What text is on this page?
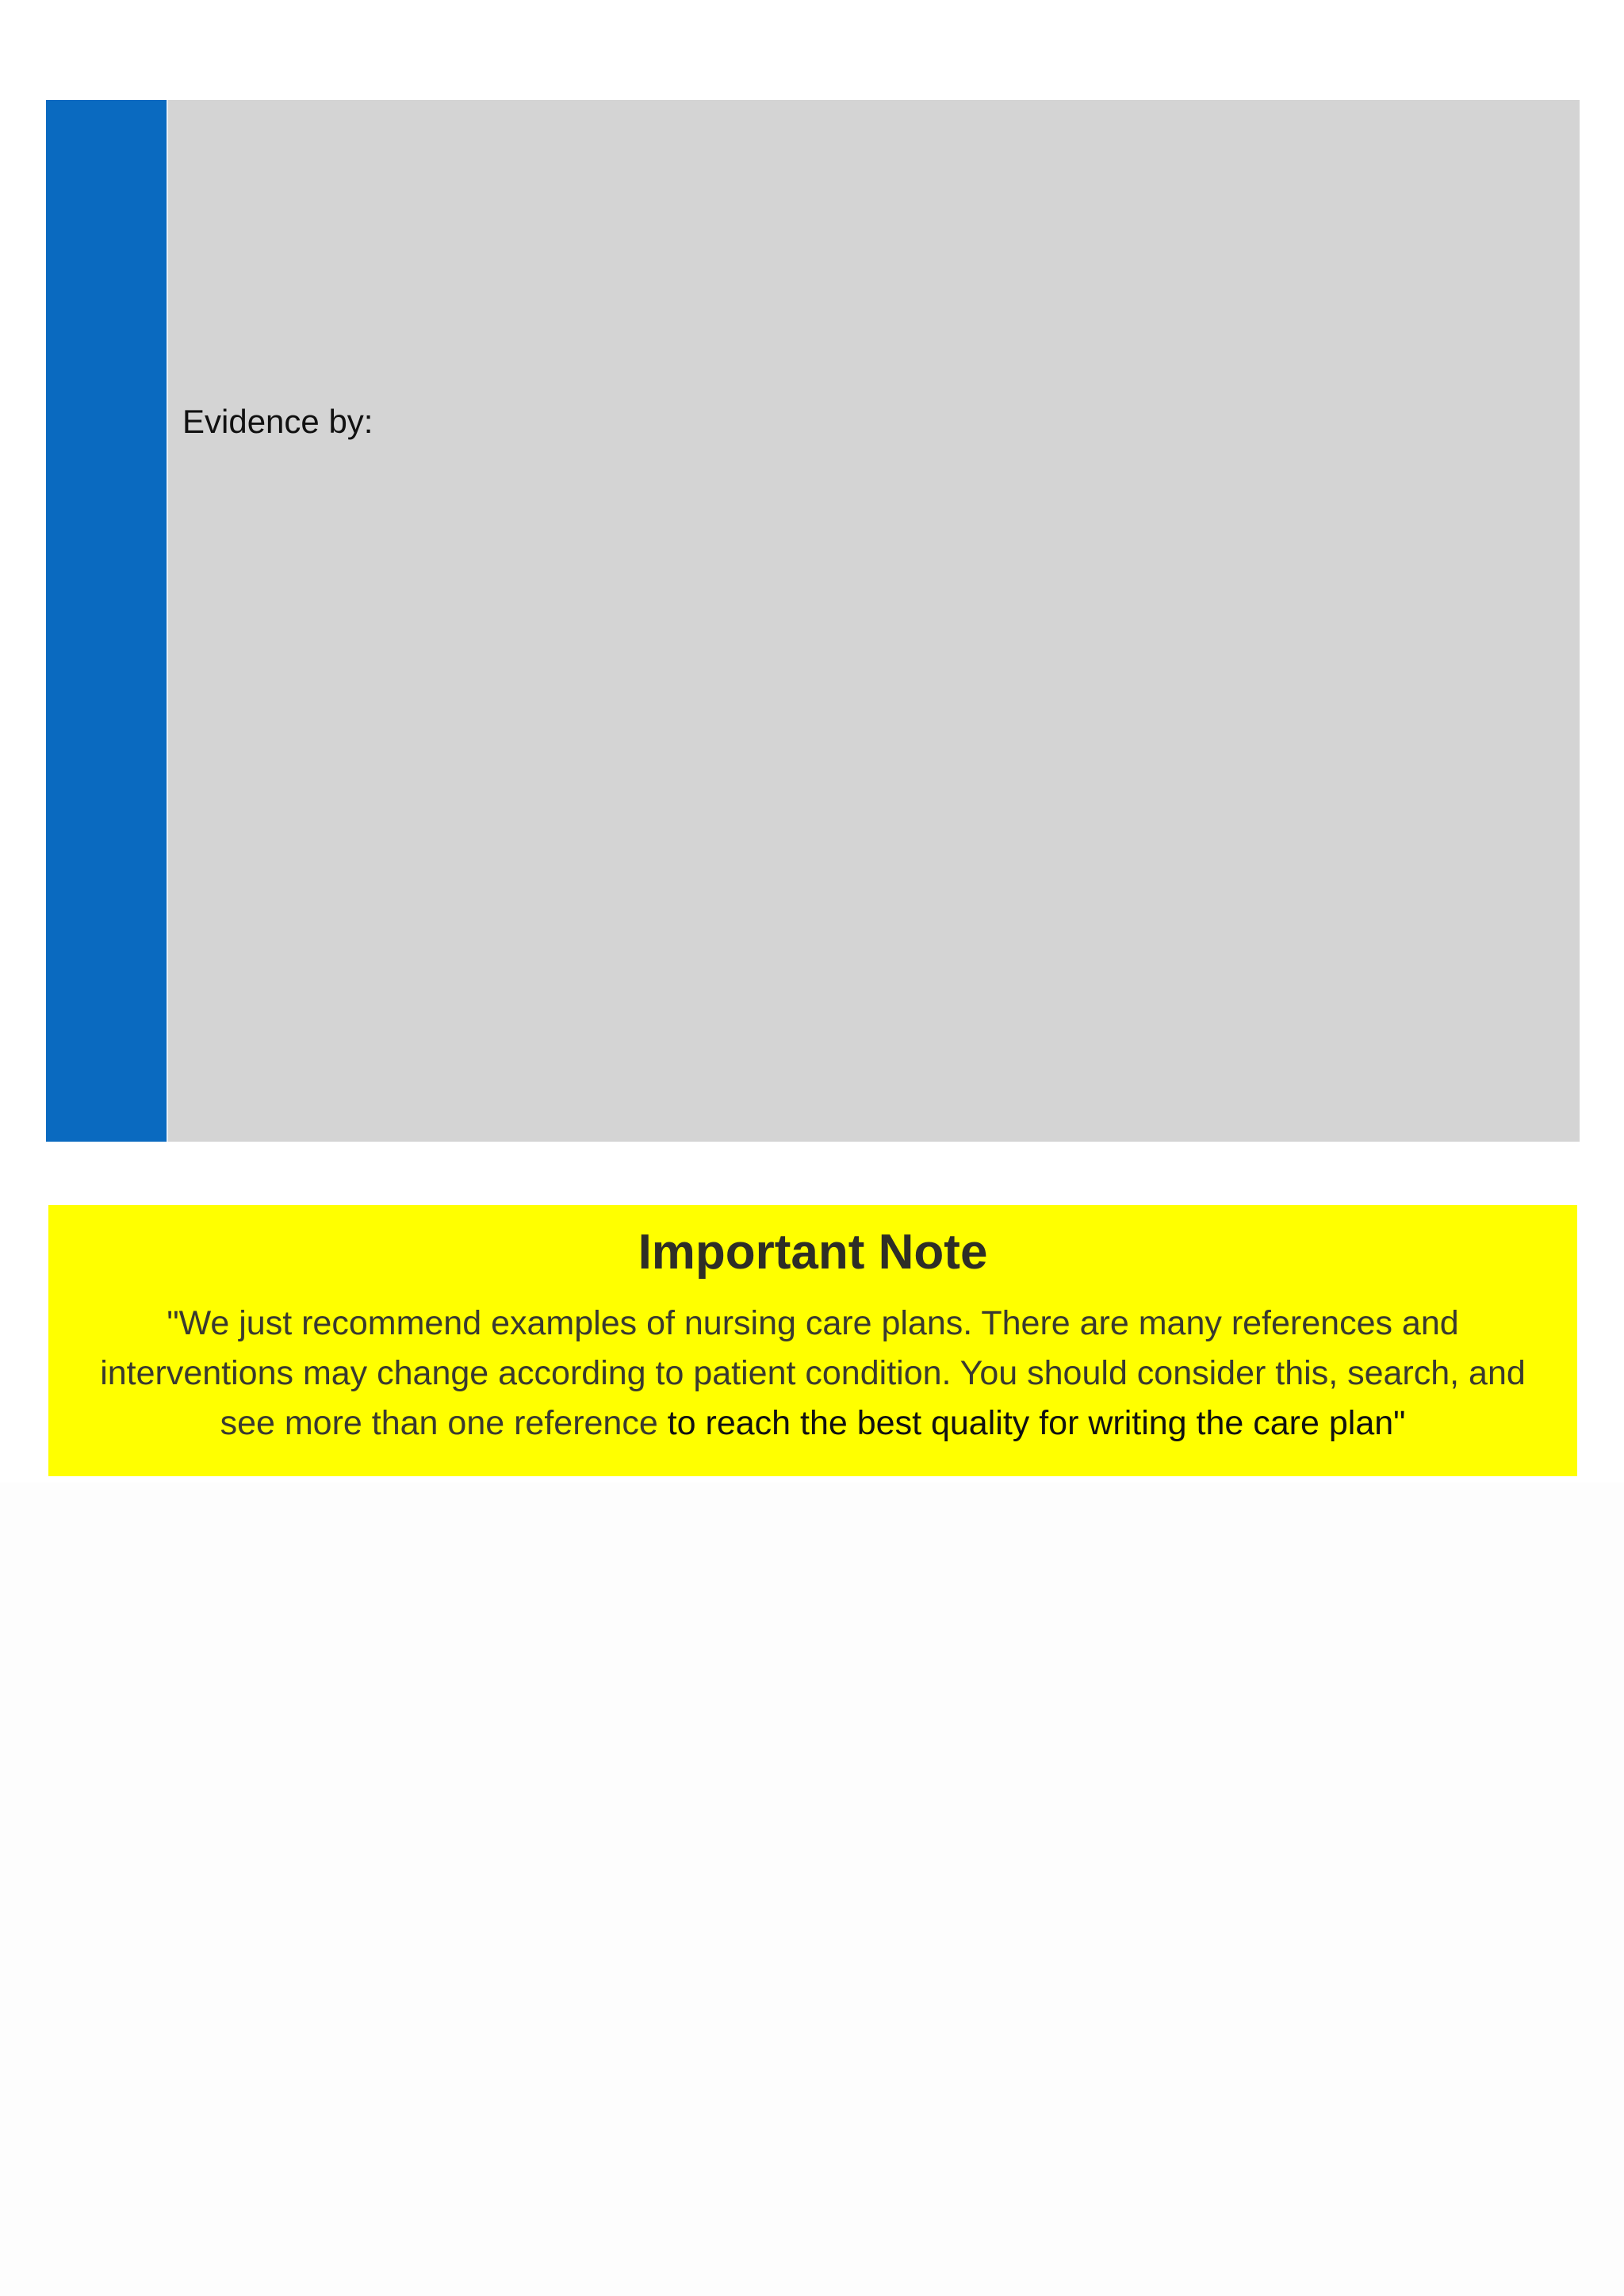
Evidence by:
Important Note
"We just recommend examples of nursing care plans. There are many references and interventions may change according to patient condition. You should consider this, search, and see more than one reference to reach the best quality for writing the care plan"
